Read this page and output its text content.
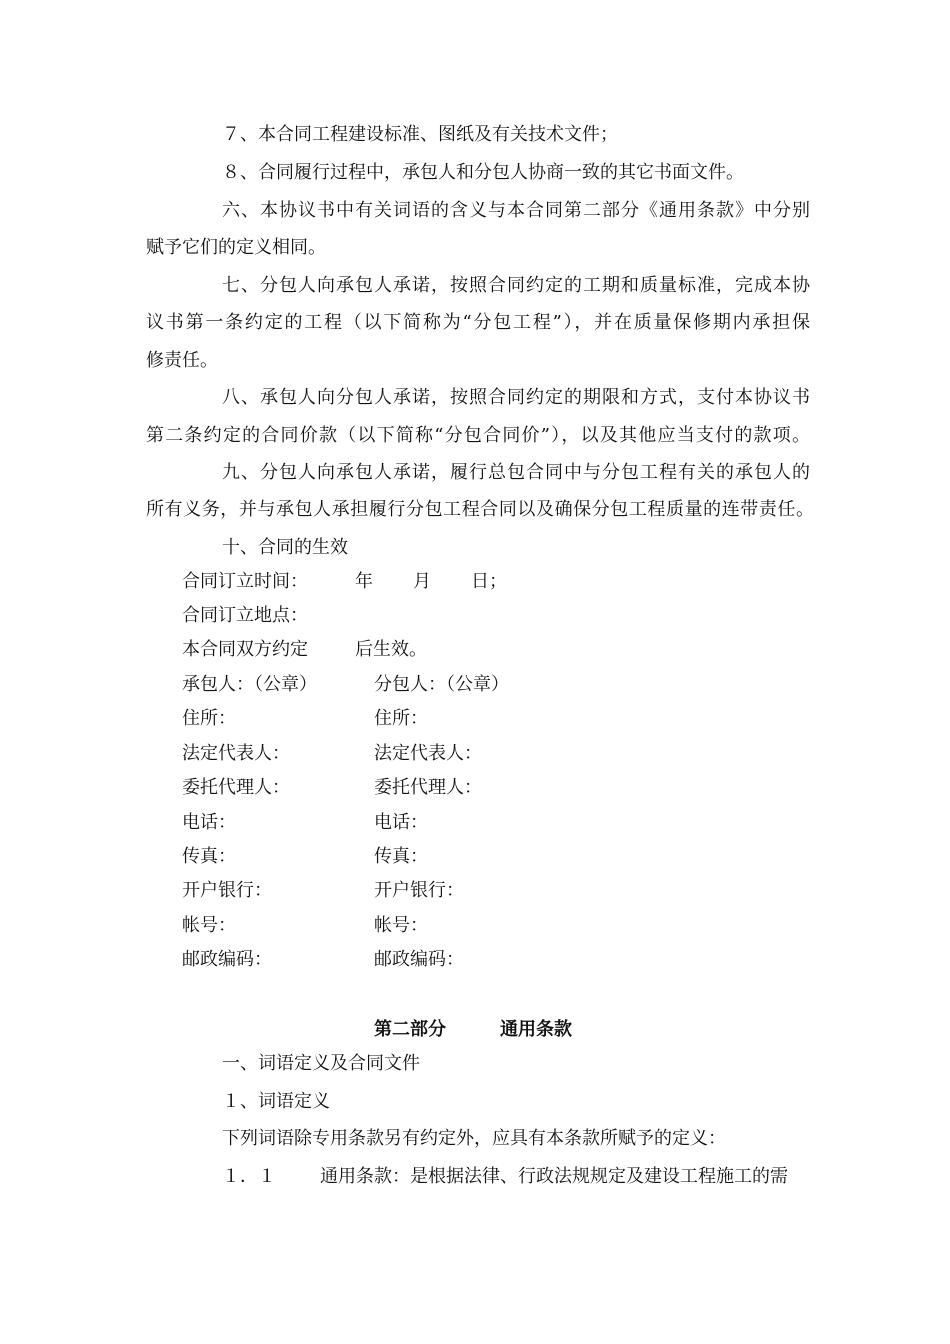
７、本合同工程建设标准、图纸及有关技术文件；
８、合同履行过程中，承包人和分包人协商一致的其它书面文件。
六、本协议书中有关词语的含义与本合同第二部分《通用条款》中分别
赋予它们的定义相同。
七、分包人向承包人承诺，按照合同约定的工期和质量标准，完成本协
议书第一条约定的工程（以下简称为“分包工程”），并在质量保修期内承担保
修责任。
八、承包人向分包人承诺，按照合同约定的期限和方式，支付本协议书
第二条约定的合同价款（以下简称“分包合同价”），以及其他应当支付的款项。
九、分包人向承包人承诺，履行总包合同中与分包工程有关的承包人的
所有义务，并与承包人承担履行分包工程合同以及确保分包工程质量的连带责任。
十、合同的生效
合同订立时间：	年 月 日；
合同订立地点：
本合同双方约定	后生效。
承包人：（公章）	分包人：（公章）
住所：	住所：
法定代表人：	法定代表人：
委托代理人：	委托代理人：
电话：	电话：
传真：	传真：
开户银行：	开户银行：
帐号：	帐号：
邮政编码：	邮政编码：
第二部分	通用条款
一、词语定义及合同文件
１、词语定义
下列词语除专用条款另有约定外，应具有本条款所赋予的定义：
１．１ 通用条款：是根据法律、行政法规规定及建设工程施工的需
